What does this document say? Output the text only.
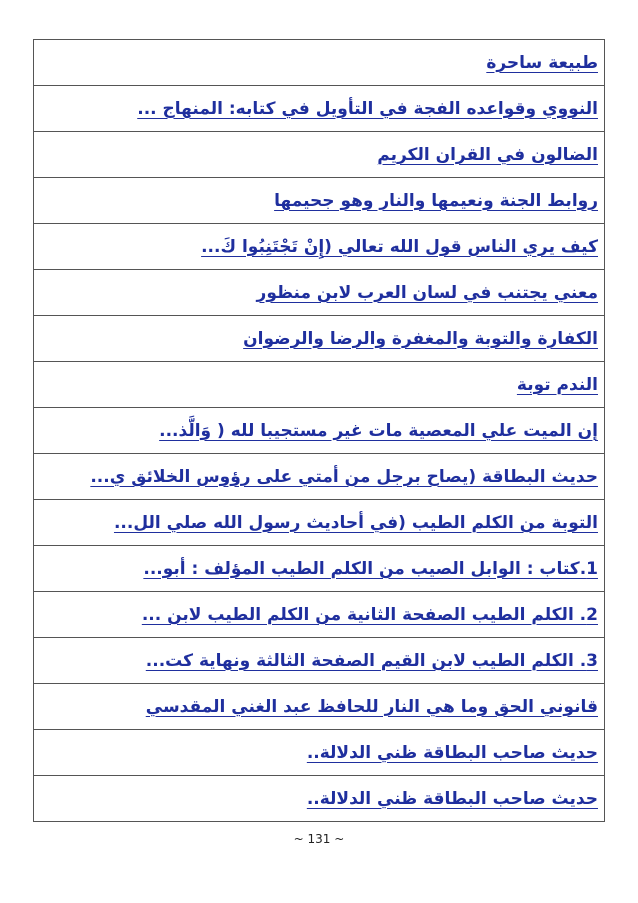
طبيعة ساحرة
النووي وقواعده الفجة في التأويل في كتابه: المنهاج ...
الضالون في القران الكريم
روابط الجنة ونعيمها والنار وهو جحيمها
كيف يري الناس قول الله تعالي (إِنْ تَجْتَنِبُوا كَ...
معني يجتنب في لسان العرب لابن منظور
الكفارة والتوبة والمغفرة والرضا والرضوان
الندم توبة
إن الميت علي المعصية مات غير مستجيبا لله ( وَالَّذ...
حديث البطاقة (يصاح برجل من أمتي على رؤوس الخلائق ي...
التوبة من الكلم الطيب (في أحاديث رسول الله صلي الل...
1.كتاب : الوابل الصيب من الكلم الطيب المؤلف : أبو...
2. الكلم الطيب الصفحة الثانية من الكلم الطيب لابن ...
3. الكلم الطيب لابن القيم الصفحة الثالثة ونهاية كت...
قانوني الحق وما هي النار للحافظ عبد الغني المقدسي
حديث صاحب البطاقة ظني الدلالة..
حديث صاحب البطاقة ظني الدلالة..
~ 131 ~
